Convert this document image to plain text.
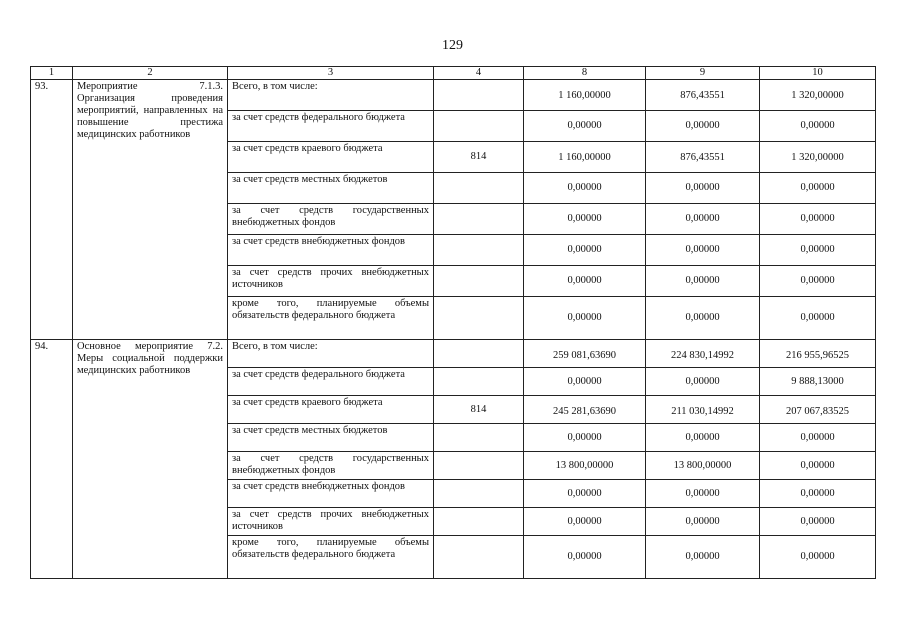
129
1	2	3	4	8	9	10
93.	Мероприятие 7.1.3. Организация проведения мероприятий, направленных на повышение престижа медицинских работников	Всего, в том числе:		1 160,00000	876,43551	1 320,00000
		за счет средств федерального бюджета		0,00000	0,00000	0,00000
		за счет средств краевого бюджета	814	1 160,00000	876,43551	1 320,00000
		за счет средств местных бюджетов		0,00000	0,00000	0,00000
		за счет средств государственных внебюджетных фондов		0,00000	0,00000	0,00000
		за счет средств внебюджетных фондов		0,00000	0,00000	0,00000
		за счет средств прочих внебюджетных источников		0,00000	0,00000	0,00000
		кроме того, планируемые объемы обязательств федерального бюджета		0,00000	0,00000	0,00000
94.	Основное мероприятие 7.2. Меры социальной поддержки медицинских работников	Всего, в том числе:		259 081,63690	224 830,14992	216 955,96525
		за счет средств федерального бюджета		0,00000	0,00000	9 888,13000
		за счет средств краевого бюджета	814	245 281,63690	211 030,14992	207 067,83525
		за счет средств местных бюджетов		0,00000	0,00000	0,00000
		за счет средств государственных внебюджетных фондов		13 800,00000	13 800,00000	0,00000
		за счет средств внебюджетных фондов		0,00000	0,00000	0,00000
		за счет средств прочих внебюджетных источников		0,00000	0,00000	0,00000
		кроме того, планируемые объемы обязательств федерального бюджета		0,00000	0,00000	0,00000
